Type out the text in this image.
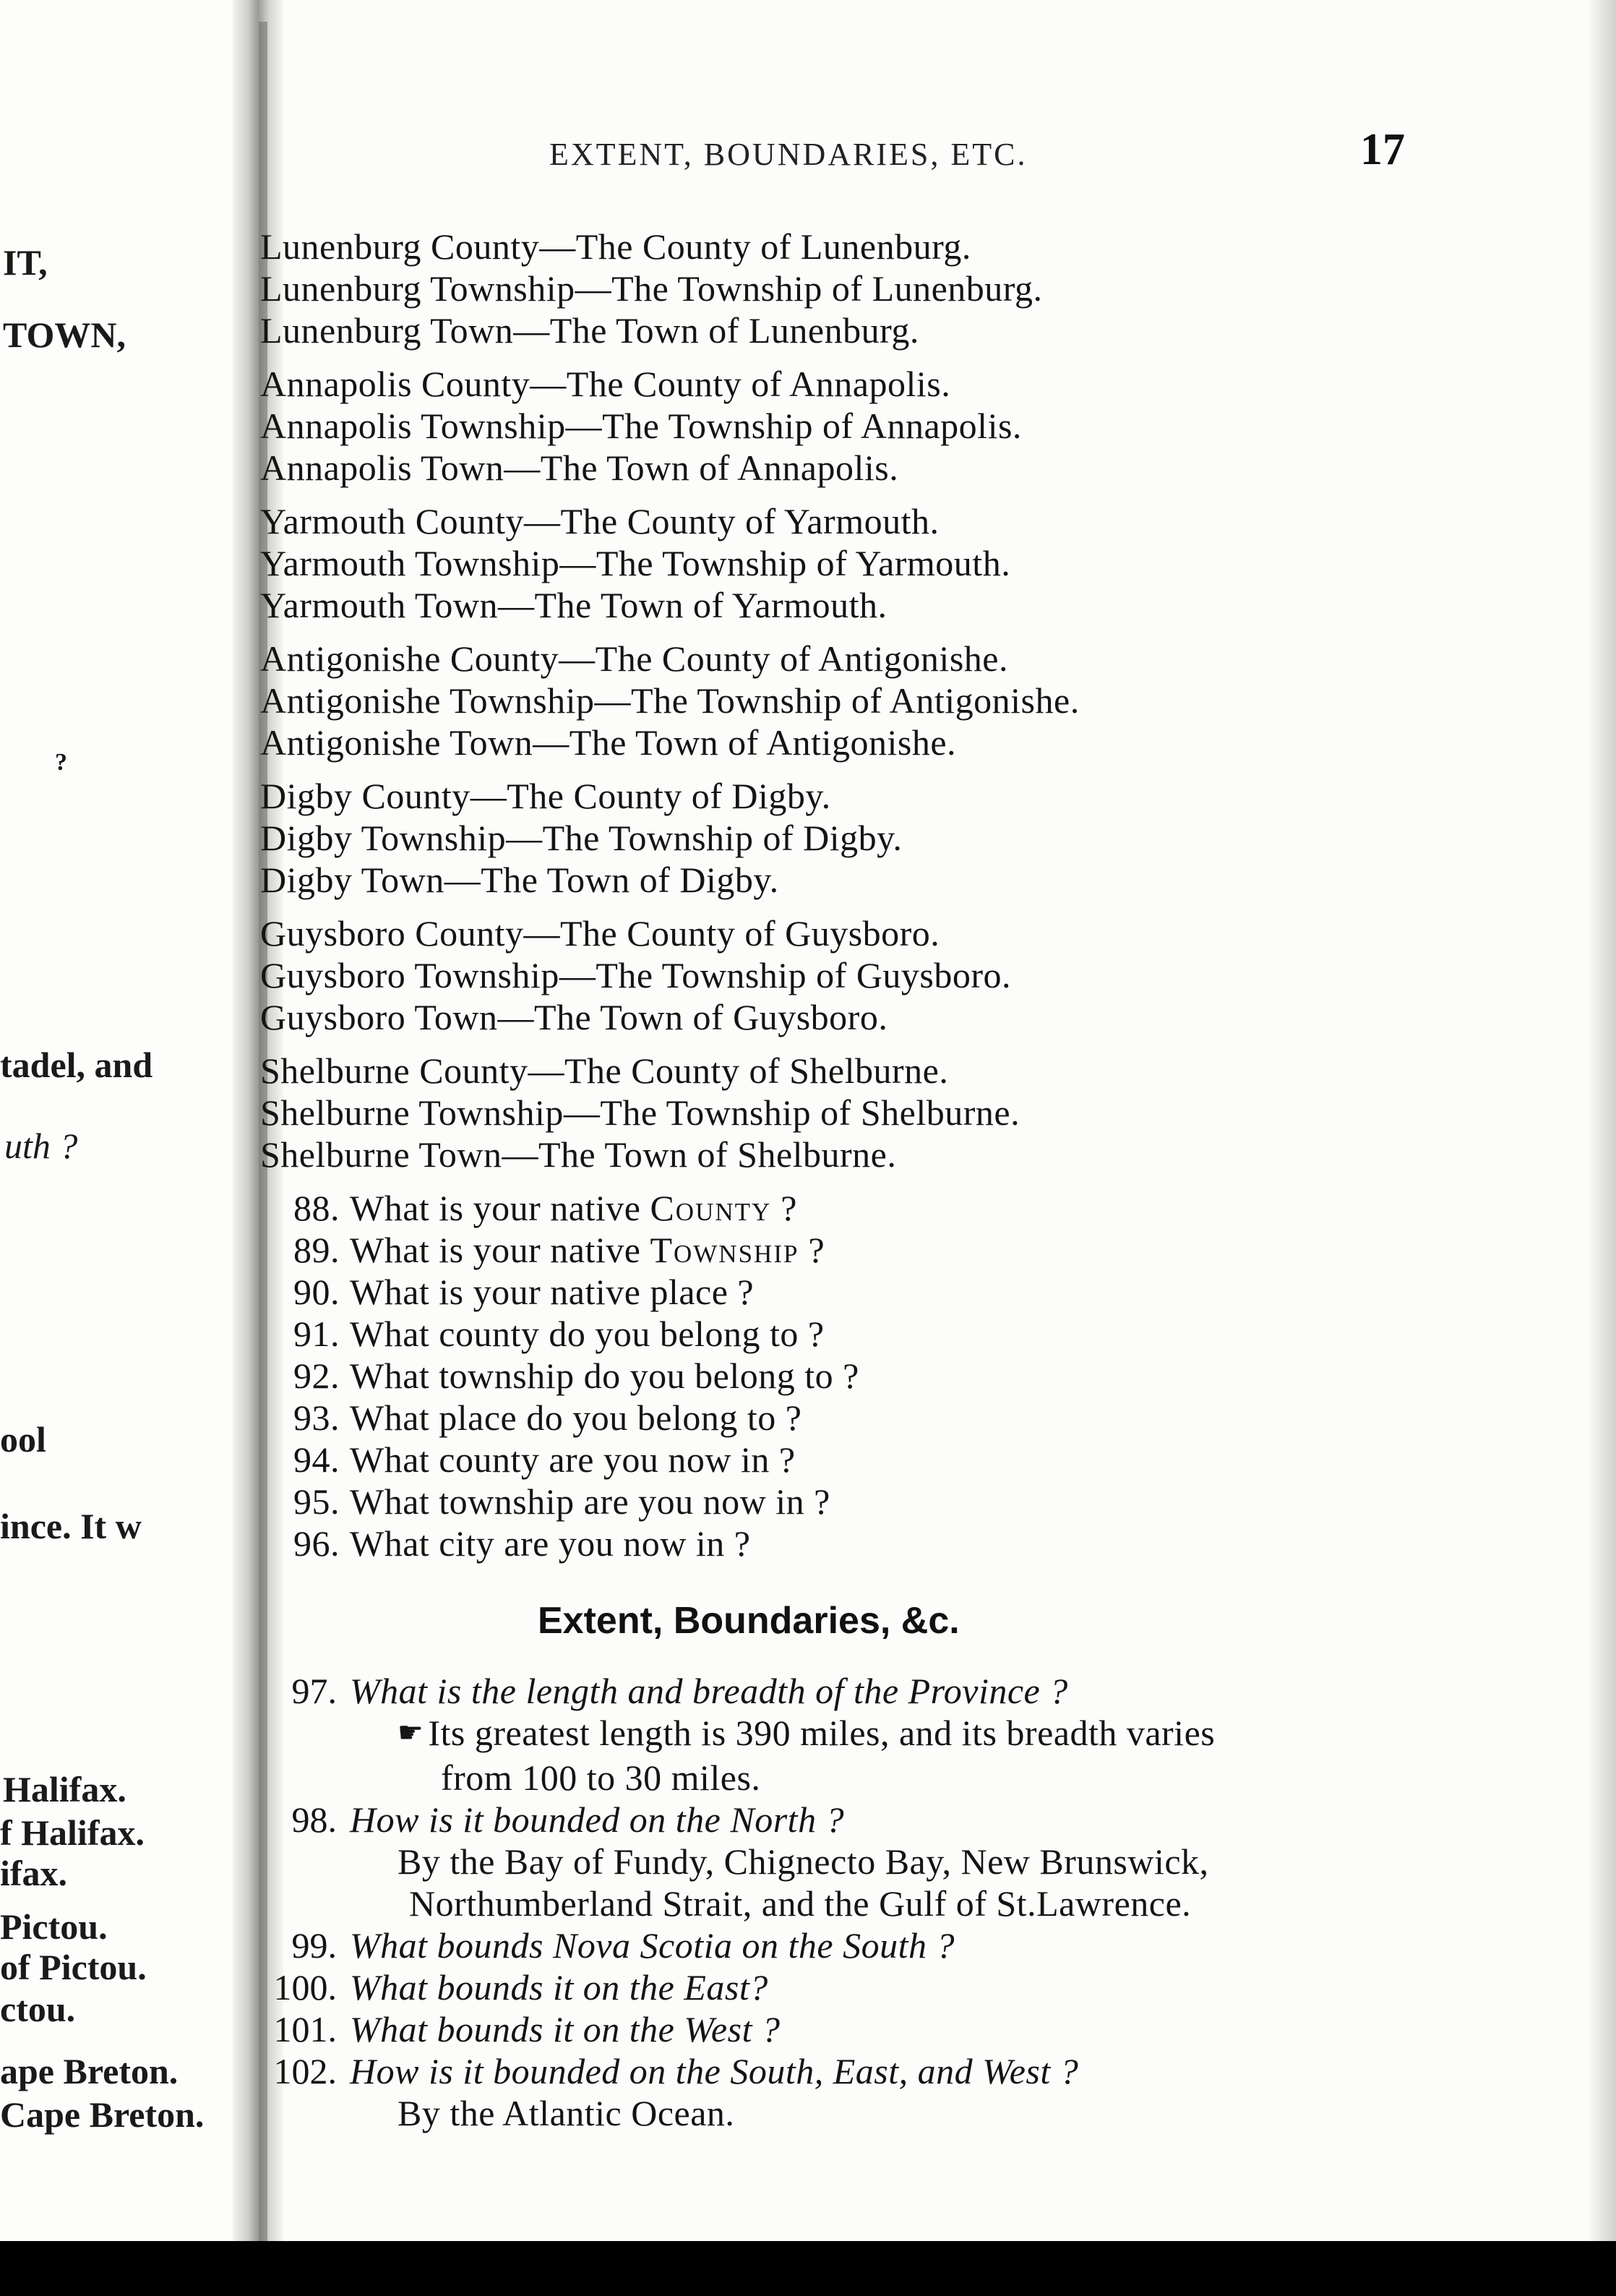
IT,
TOWN,
?
tadel, and
uth ?
ool
ince. It w
Halifax.
f Halifax.
ifax.
Pictou.
of Pictou.
ctou.
ape Breton.
Cape Breton.
EXTENT, BOUNDARIES, ETC.	17
Lunenburg County—The County of Lunenburg.
Lunenburg Township—The Township of Lunenburg.
Lunenburg Town—The Town of Lunenburg.
Annapolis County—The County of Annapolis.
Annapolis Township—The Township of Annapolis.
Annapolis Town—The Town of Annapolis.
Yarmouth County—The County of Yarmouth.
Yarmouth Township—The Township of Yarmouth.
Yarmouth Town—The Town of Yarmouth.
Antigonishe County—The County of Antigonishe.
Antigonishe Township—The Township of Antigonishe.
Antigonishe Town—The Town of Antigonishe.
Digby County—The County of Digby.
Digby Township—The Township of Digby.
Digby Town—The Town of Digby.
Guysboro County—The County of Guysboro.
Guysboro Township—The Township of Guysboro.
Guysboro Town—The Town of Guysboro.
Shelburne County—The County of Shelburne.
Shelburne Township—The Township of Shelburne.
Shelburne Town—The Town of Shelburne.
88. What is your native County ?
89. What is your native Township ?
90. What is your native place ?
91. What county do you belong to ?
92. What township do you belong to ?
93. What place do you belong to ?
94. What county are you now in ?
95. What township are you now in ?
96. What city are you now in ?
Extent, Boundaries, &c.
97. What is the length and breadth of the Province ?
☛ Its greatest length is 390 miles, and its breadth varies
from 100 to 30 miles.
98. How is it bounded on the North ?
By the Bay of Fundy, Chignecto Bay, New Brunswick,
Northumberland Strait, and the Gulf of St.Lawrence.
99. What bounds Nova Scotia on the South ?
100. What bounds it on the East?
101. What bounds it on the West ?
102. How is it bounded on the South, East, and West ?
By the Atlantic Ocean.
